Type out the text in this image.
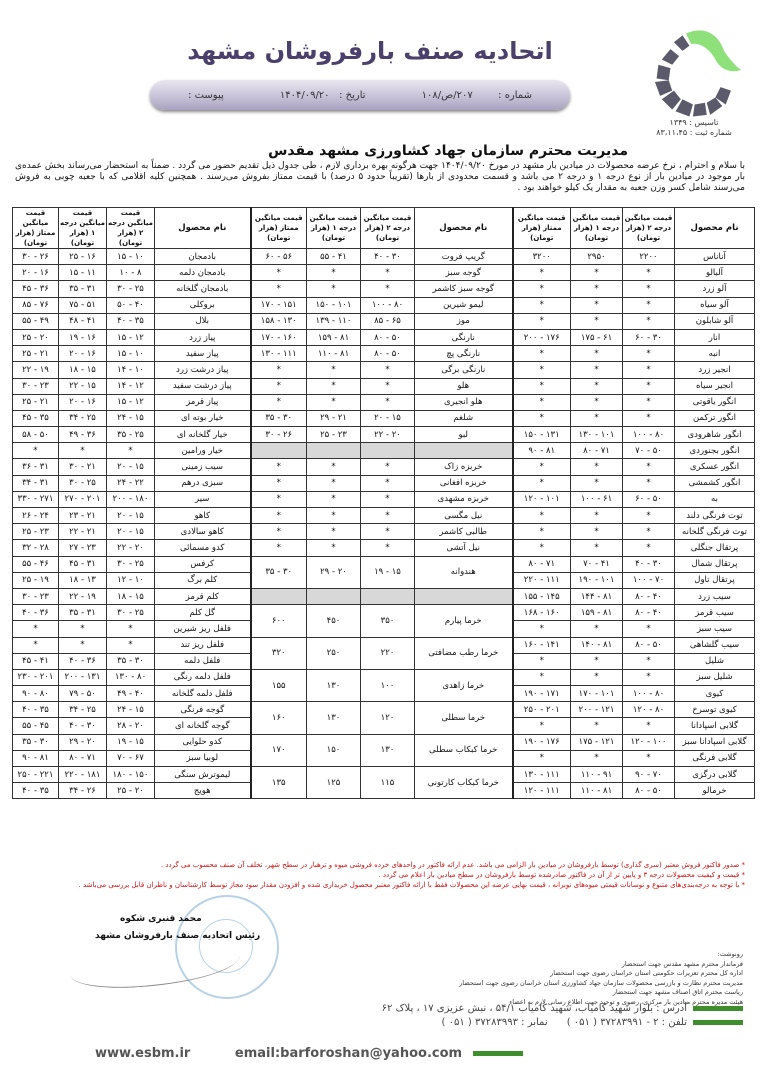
تاسیس : ۱۳۴۹
شماره ثبت : ۸۳،۱۱،۴۵
اتحادیه صنف بارفروشان مشهد
شماره :        ۲۰۷/ص/۱۰۸
تاریخ :   ۱۴۰۴/۰۹/۲۰
پیوست :
مدیریت محترم سازمان جهاد کشاورزی مشهد مقدس
با سلام و احترام ، نرخ عرضه محصولات در میادین بار مشهد در مورخ ۱۴۰۴/۰۹/۲۰ جهت هرگونه بهره برداری لازم ، طی جدول ذیل تقدیم حضور می گردد . ضمناً به استحضار می‌رساند بخش عمده‌ی بار موجود در میادین بار از نوع درجه ۱ و درجه ۲ می باشد و قسمت محدودی از بارها (تقریباً حدود ۵ درصد) با قیمت ممتاز بفروش می‌رسند . همچنین کلیه اقلامی که با جعبه چوبی به فروش می‌رسند شامل کسر وزن جعبه به مقدار یک کیلو خواهند بود .
نام محصول	قیمت میانگین درجه ۲ (هزار تومان)	قیمت میانگین درجه ۱ (هزار تومان)	قیمت میانگین ممتاز (هزار تومان)	نام محصول	قیمت میانگین درجه ۲ (هزار تومان)	قیمت میانگین درجه ۱ (هزار تومان)	قیمت میانگین ممتاز (هزار تومان)	نام محصول	قیمت میانگین درجه ۲ (هزار تومان)	قیمت میانگین درجه ۱ (هزار تومان)	قیمت میانگین ممتاز (هزار تومان)
آناناس	۲۲۰۰	۲۹۵۰	۳۲۰۰	گریپ فروت	۳۰ - ۴۰	۴۱ - ۵۵	۵۶ - ۶۰	بادمجان	۱۰ - ۱۵	۱۶ - ۲۵	۲۶ - ۳۰
آلبالو	*	*	*	گوجه سبز	*	*	*	بادمجان دلمه	۸ - ۱۰	۱۱ - ۱۵	۱۶ - ۲۰
آلو زرد	*	*	*	گوجه سبز کاشمر	*	*	*	بادمجان گلخانه	۲۵ - ۳۰	۳۱ - ۳۵	۳۶ - ۴۵
آلو سیاه	*	*	*	لیمو شیرین	۸۰ - ۱۰۰	۱۰۱ - ۱۵۰	۱۵۱ - ۱۷۰	بروکلی	۴۰ - ۵۰	۵۱ - ۷۵	۷۶ - ۸۵
آلو شابلون	*	*	*	موز	۶۵ - ۸۵	۱۱۰ - ۱۳۹	۱۳۰ - ۱۵۸	بلال	۳۵ - ۴۰	۴۱ - ۴۸	۴۹ - ۵۵
انار	۳۰ - ۶۰	۶۱ - ۱۷۵	۱۷۶ - ۲۰۰	نارنگی	۵۰ - ۸۰	۸۱ - ۱۵۹	۱۶۰ - ۱۷۰	پیاز زرد	۱۲ - ۱۵	۱۶ - ۱۹	۲۰ - ۲۵
انبه	*	*	*	نارنگی پچ	۵۰ - ۸۰	۸۱ - ۱۱۰	۱۱۱ - ۱۳۰	پیاز سفید	۱۰ - ۱۵	۱۶ - ۲۰	۲۱ - ۲۵
انجیر زرد	*	*	*	نارنگی برگی	*	*	*	پیاز درشت زرد	۱۰ - ۱۴	۱۵ - ۱۸	۱۹ - ۲۲
انجیر سیاه	*	*	*	هلو	*	*	*	پیاز درشت سفید	۱۲ - ۱۴	۱۵ - ۲۲	۲۳ - ۳۰
انگور یاقوتی	*	*	*	هلو انجیری	*	*	*	پیاز قرمز	۱۲ - ۱۵	۱۶ - ۲۰	۲۱ - ۲۵
انگور ترکمن	*	*	*	شلغم	۱۵ - ۲۰	۲۱ - ۲۹	۳۰ - ۳۵	خیار بوته ای	۱۵ - ۲۴	۲۵ - ۳۴	۳۵ - ۴۵
انگور شاهرودی	۸۰ - ۱۰۰	۱۰۱ - ۱۳۰	۱۳۱ - ۱۵۰	لبو	۲۰ - ۲۲	۲۳ - ۲۵	۲۶ - ۳۰	خیار گلخانه ای	۲۵ - ۳۵	۳۶ - ۴۹	۵۰ - ۵۸
انگور بجنوردی	۵۰ - ۷۰	۷۱ - ۸۰	۸۱ - ۹۰					خیار ورامین	*	*	*
انگور عسکری	*	*	*	خربزه زاک	*	*	*	سیب زمینی	۱۵ - ۲۰	۲۱ - ۳۰	۳۱ - ۳۶
انگور کشمشی	*	*	*	خربزه افغانی	*	*	*	سبزی درهم	۲۲ - ۲۴	۲۵ - ۳۰	۳۱ - ۳۴
به	۵۰ - ۶۰	۶۱ - ۱۰۰	۱۰۱ - ۱۲۰	خربزه مشهدی	*	*	*	سیر	۱۸۰ - ۲۰۰	۲۰۱ - ۲۷۰	۲۷۱ - ۳۳۰
توت فرنگی دلند	*	*	*	نیل مگسی	*	*	*	کاهو	۱۵ - ۲۰	۲۱ - ۲۳	۲۴ - ۲۶
توت فرنگی گلخانه	*	*	*	طالبی کاشمر	*	*	*	کاهو سالادی	۱۵ - ۲۰	۲۱ - ۲۲	۲۳ - ۲۵
پرتقال جنگلی	*	*	*	نیل آتشی	*	*	*	کدو مسمائی	۲۰ - ۲۲	۲۳ - ۲۷	۲۸ - ۳۲
پرتقال شمال	۳۰ - ۴۰	۴۱ - ۷۰	۷۱ - ۸۰	هندوانه	۱۵ - ۱۹	۲۰ - ۲۹	۳۰ - ۳۵	کرفس	۲۵ - ۳۰	۳۱ - ۴۵	۴۶ - ۵۵
پرتقال تاول	۷۰ - ۱۰۰	۱۰۱ - ۱۹۰	۱۱۱ - ۲۲۰					کلم برگ	۱۰ - ۱۲	۱۳ - ۱۸	۱۹ - ۲۵
سیب زرد	۴۰ - ۸۰	۸۱ - ۱۴۴	۱۴۵ - ۱۵۵					کلم قرمز	۱۵ - ۱۸	۱۹ - ۲۲	۲۳ - ۳۰
سیب قرمز	۴۰ - ۸۰	۸۱ - ۱۵۹	۱۶۰ - ۱۶۸	خرما پیارم	۳۵۰	۴۵۰	۶۰۰	گل کلم	۲۵ - ۳۰	۳۱ - ۳۵	۳۶ - ۴۰
سیب سبز	*	*	*					فلفل ریز شیرین	*	*	*
سیب گلشاهی	۵۰ - ۸۰	۸۱ - ۱۴۰	۱۴۱ - ۱۶۰	خرما رطب مضافتی	۲۲۰	۲۵۰	۳۲۰	فلفل ریز تند	*	*	*
شلیل	*	*	*					فلفل دلمه	۳۰ - ۳۵	۳۶ - ۴۰	۴۱ - ۴۵
شلیل سبز	*	*	*	خرما زاهدی	۱۰۰	۱۳۰	۱۵۵	فلفل دلمه رنگی	۸۰ - ۱۳۰	۱۳۱ - ۲۰۰	۲۰۱ - ۲۳۰
کیوی	۸۰ - ۱۰۰	۱۰۱ - ۱۷۰	۱۷۱ - ۱۹۰					فلفل دلمه گلخانه	۴۰ - ۴۹	۵۰ - ۷۹	۸۰ - ۹۰
کیوی توسرخ	۸۰ - ۱۲۰	۱۲۱ - ۲۰۰	۲۰۱ - ۲۵۰	خرما سطلی	۱۲۰	۱۳۰	۱۶۰	گوجه فرنگی	۱۵ - ۲۴	۲۵ - ۳۴	۳۵ - ۴۰
گلابی اسپادانا	*	*	*					گوجه گلخانه ای	۲۰ - ۲۸	۳۰ - ۴۰	۴۵ - ۵۵
گلابی اسپادانا سبز	۱۰۰ - ۱۲۰	۱۲۱ - ۱۷۵	۱۷۶ - ۱۹۰	خرما کبکاب سطلی	۱۳۰	۱۵۰	۱۷۰	کدو حلوایی	۱۵ - ۱۹	۲۰ - ۲۹	۳۰ - ۳۵
گلابی فرنگی	*	*	*					لوبیا سبز	۶۷ - ۷۰	۷۱ - ۸۰	۸۱ - ۹۰
گلابی درگزی	۷۰ - ۹۰	۹۱ - ۱۱۰	۱۱۱ - ۱۳۰	خرما کبکاب کارتونی	۱۱۵	۱۲۵	۱۳۵	لیموترش سنگی	۱۵۰ - ۱۸۰	۱۸۱ - ۲۲۰	۲۲۱ - ۲۵۰
خرمالو	۵۰ - ۸۰	۸۱ - ۱۱۰	۱۱۱ - ۱۲۰					هویج	۲۰ - ۲۵	۲۶ - ۳۴	۳۵ - ۴۰
* صدور فاکتور فروش معتبر (سری گذاری) توسط بارفروشان در میادین بار الزامی می باشد. عدم ارائه فاکتور در واحدهای خرده فروشی میوه و ترهبار در سطح شهر، تخلف آن صنف محسوب می گردد .
* قیمت و کیفیت محصولات درجه ۳ و پایین تر از آن در فاکتور صادرشده توسط بارفروشان در سطح میادین بار اعلام می گردد .
* با توجه به درجه‌بندی‌های متنوع و نوسانات قیمتی میوه‌های نوبرانه ، قیمت نهایی عرضه این محصولات فقط با ارائه فاکتور معتبر محصول خریداری شده و افزودن مقدار سود مجاز توسط کارشناسان و ناظران قابل بررسی می‌باشد .
محمد قنبری شکوه
رئیس اتحادیه صنف بارفروشان مشهد
رونوشت:
فرماندار محترم مشهد مقدس جهت استحضار
اداره کل محترم تعزیرات حکومتی استان خراسان رضوی جهت استحضار
مدیریت محترم نظارت و بازرسی محصولات سازمان جهاد کشاورزی استان خراسان رضوی جهت استحضار
ریاست محترم اتاق اصناف مشهد جهت استحضار
هیئت مدیره محترم میادین بار مرکزی، رضوی و توحید جهت اطلاع رسانی لازم به اعضاء
آدرس : بلوار شهید کامیاب، شهید کامیاب ۵۴/۱ ، نبش عزیزی ۱۷ ، پلاک ۶۲
تلفن : ۲ - ۳۷۲۸۳۹۹۱ ( ۰۵۱ )      نمابر : ۳۷۲۸۳۹۹۳ ( ۰۵۱ )
www.esbm.ir	email:barforoshan@yahoo.com
